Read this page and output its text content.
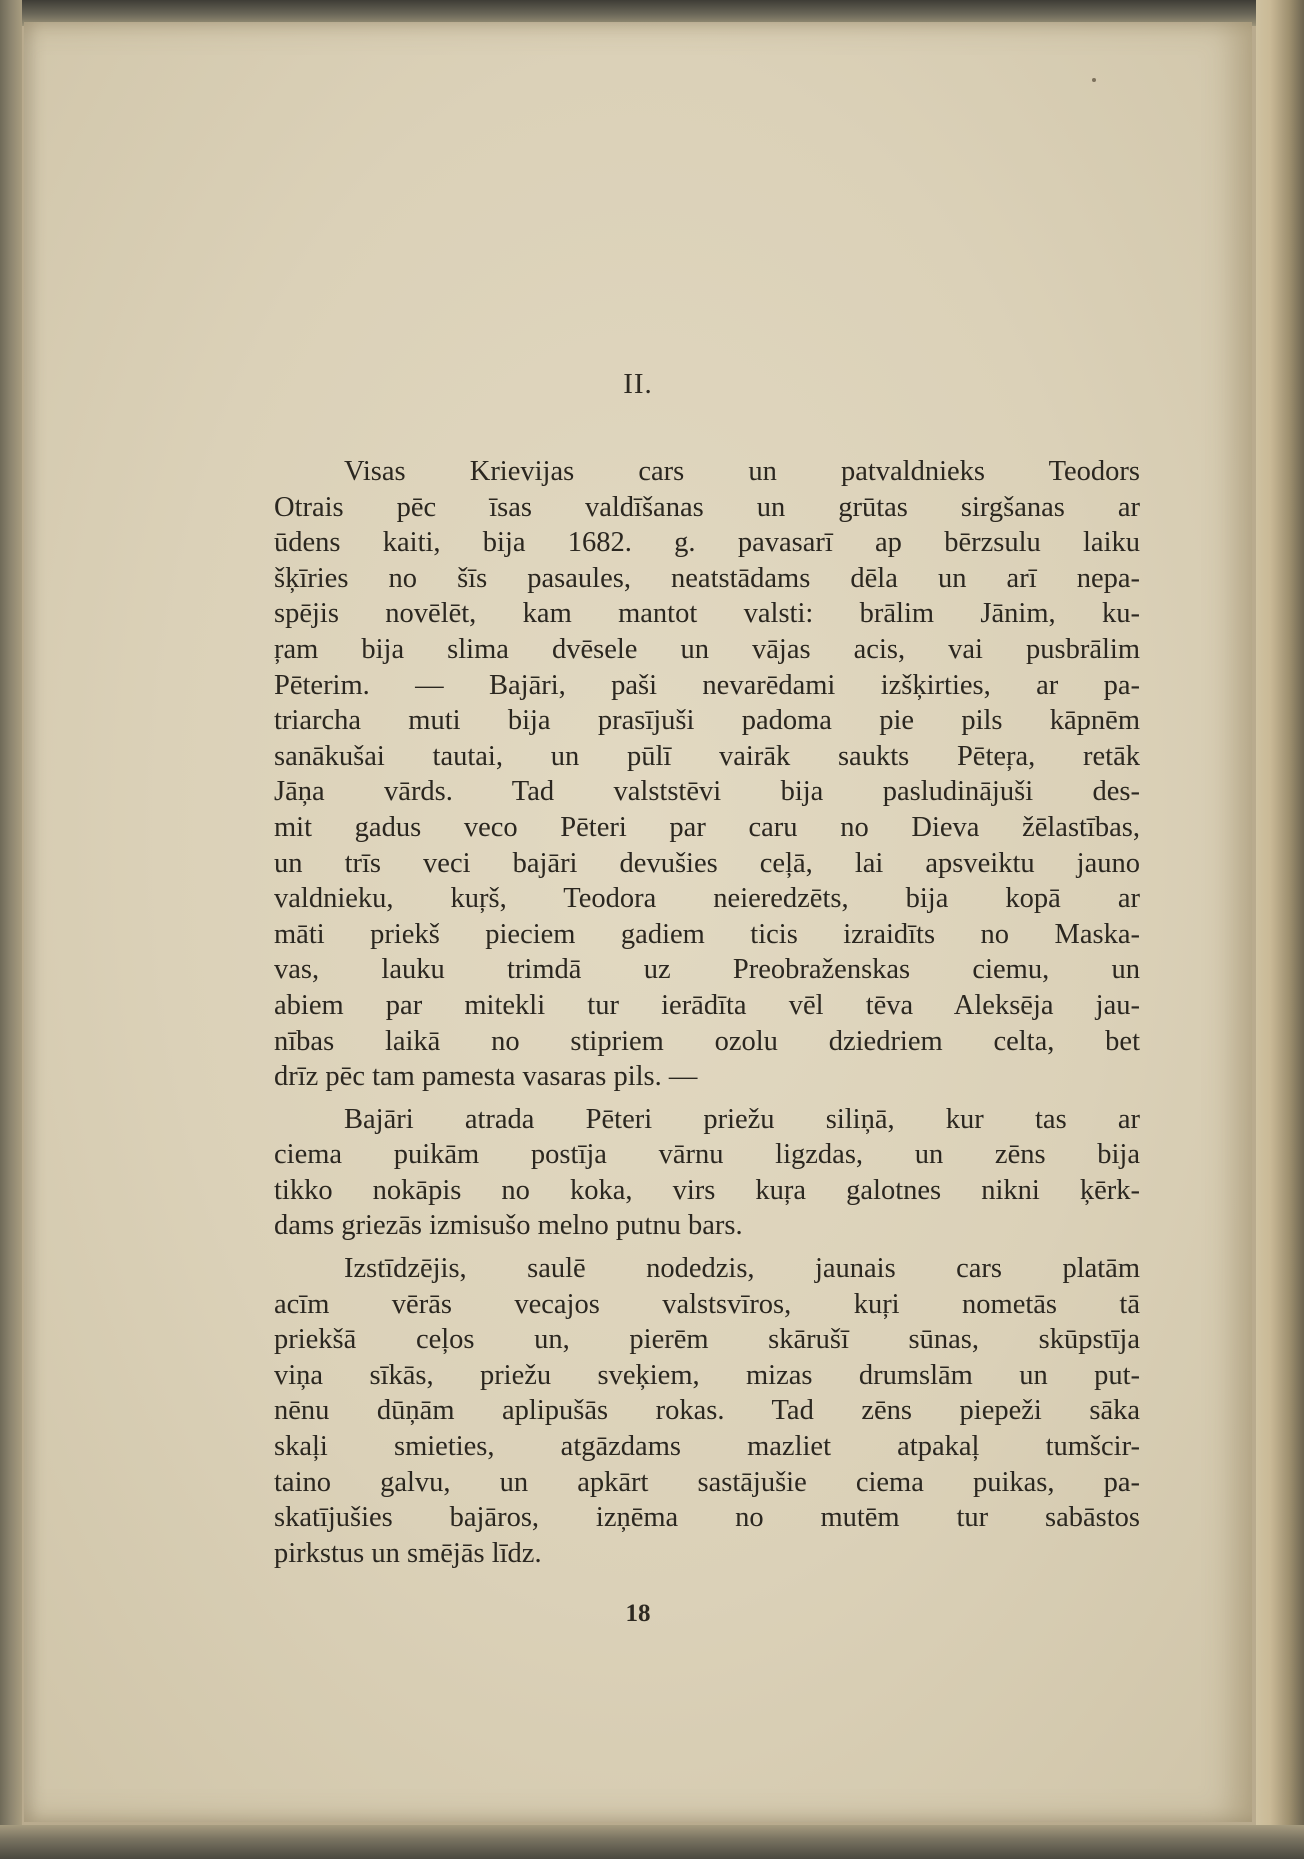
II.
Visas Krievijas cars un patvaldnieks Teodors
Otrais pēc īsas valdīšanas un grūtas sirgšanas ar
ūdens kaiti, bija 1682. g. pavasarī ap bērzsulu laiku
šķīries no šīs pasaules, neatstādams dēla un arī nepa-
spējis novēlēt, kam mantot valsti: brālim Jānim, ku-
ŗam bija slima dvēsele un vājas acis, vai pusbrālim
Pēterim. — Bajāri, paši nevarēdami izšķirties, ar pa-
triarcha muti bija prasījuši padoma pie pils kāpnēm
sanākušai tautai, un pūlī vairāk saukts Pēteŗa, retāk
Jāņa vārds. Tad valststēvi bija pasludinājuši des-
mit gadus veco Pēteri par caru no Dieva žēlastības,
un trīs veci bajāri devušies ceļā, lai apsveiktu jauno
valdnieku, kuŗš, Teodora neieredzēts, bija kopā ar
māti priekš pieciem gadiem ticis izraidīts no Maska-
vas, lauku trimdā uz Preobraženskas ciemu, un
abiem par mitekli tur ierādīta vēl tēva Aleksēja jau-
nības laikā no stipriem ozolu dziedriem celta, bet
drīz pēc tam pamesta vasaras pils. —
Bajāri atrada Pēteri priežu siliņā, kur tas ar
ciema puikām postīja vārnu ligzdas, un zēns bija
tikko nokāpis no koka, virs kuŗa galotnes nikni ķērk-
dams griezās izmisušo melno putnu bars.
Izstīdzējis, saulē nodedzis, jaunais cars platām
acīm vērās vecajos valstsvīros, kuŗi nometās tā
priekšā ceļos un, pierēm skārušī sūnas, skūpstīja
viņa sīkās, priežu sveķiem, mizas drumslām un put-
nēnu dūņām aplipušās rokas. Tad zēns piepeži sāka
skaļi smieties, atgāzdams mazliet atpakaļ tumšcir-
taino galvu, un apkārt sastājušie ciema puikas, pa-
skatījušies bajāros, izņēma no mutēm tur sabāstos
pirkstus un smējās līdz.
18
